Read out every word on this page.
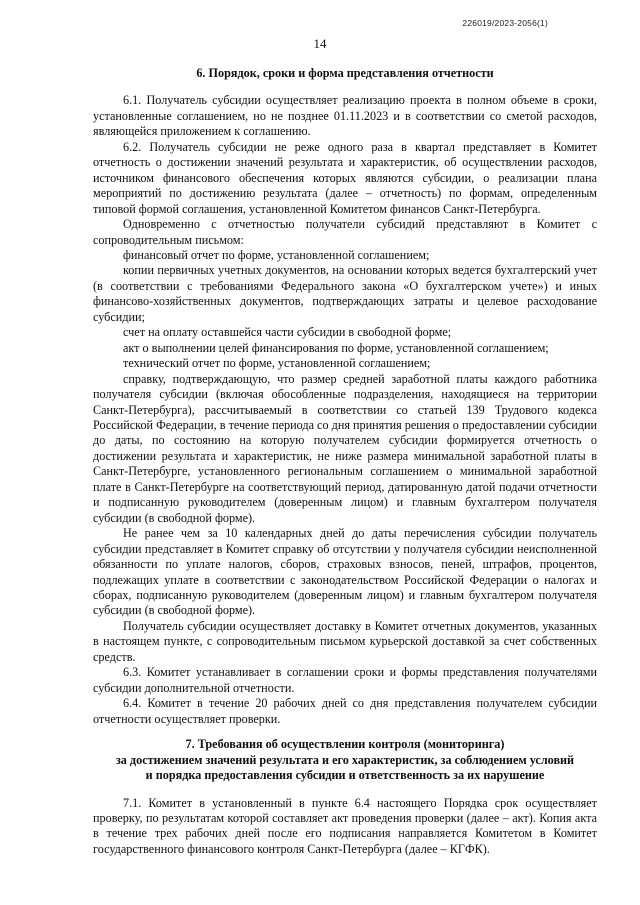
226019/2023-2056(1)
14
6. Порядок, сроки и форма представления отчетности

6.1. Получатель субсидии осуществляет реализацию проекта в полном объеме в сроки, установленные соглашением, но не позднее 01.11.2023 и в соответствии со сметой расходов, являющейся приложением к соглашению.

6.2. Получатель субсидии не реже одного раза в квартал представляет в Комитет отчетность о достижении значений результата и характеристик, об осуществлении расходов, источником финансового обеспечения которых являются субсидии, о реализации плана мероприятий по достижению результата (далее – отчетность) по формам, определенным типовой формой соглашения, установленной Комитетом финансов Санкт-Петербурга.

Одновременно с отчетностью получатели субсидий представляют в Комитет с сопроводительным письмом:

финансовый отчет по форме, установленной соглашением;

копии первичных учетных документов, на основании которых ведется бухгалтерский учет (в соответствии с требованиями Федерального закона «О бухгалтерском учете») и иных финансово-хозяйственных документов, подтверждающих затраты и целевое расходование субсидии;

счет на оплату оставшейся части субсидии в свободной форме;

акт о выполнении целей финансирования по форме, установленной соглашением;

технический отчет по форме, установленной соглашением;

справку, подтверждающую, что размер средней заработной платы каждого работника получателя субсидии (включая обособленные подразделения, находящиеся на территории Санкт-Петербурга), рассчитываемый в соответствии со статьей 139 Трудового кодекса Российской Федерации, в течение периода со дня принятия решения о предоставлении субсидии до даты, по состоянию на которую получателем субсидии формируется отчетность о достижении результата и характеристик, не ниже размера минимальной заработной платы в Санкт-Петербурге, установленного региональным соглашением о минимальной заработной плате в Санкт-Петербурге на соответствующий период, датированную датой подачи отчетности и подписанную руководителем (доверенным лицом) и главным бухгалтером получателя субсидии (в свободной форме).

Не ранее чем за 10 календарных дней до даты перечисления субсидии получатель субсидии представляет в Комитет справку об отсутствии у получателя субсидии неисполненной обязанности по уплате налогов, сборов, страховых взносов, пеней, штрафов, процентов, подлежащих уплате в соответствии с законодательством Российской Федерации о налогах и сборах, подписанную руководителем (доверенным лицом) и главным бухгалтером получателя субсидии (в свободной форме).

Получатель субсидии осуществляет доставку в Комитет отчетных документов, указанных в настоящем пункте, с сопроводительным письмом курьерской доставкой за счет собственных средств.

6.3. Комитет устанавливает в соглашении сроки и формы представления получателями субсидии дополнительной отчетности.

6.4. Комитет в течение 20 рабочих дней со дня представления получателем субсидии отчетности осуществляет проверки.

7. Требования об осуществлении контроля (мониторинга)
за достижением значений результата и его характеристик, за соблюдением условий
и порядка предоставления субсидии и ответственность за их нарушение

7.1. Комитет в установленный в пункте 6.4 настоящего Порядка срок осуществляет проверку, по результатам которой составляет акт проведения проверки (далее – акт). Копия акта в течение трех рабочих дней после его подписания направляется Комитетом в Комитет государственного финансового контроля Санкт-Петербурга (далее – КГФК).
